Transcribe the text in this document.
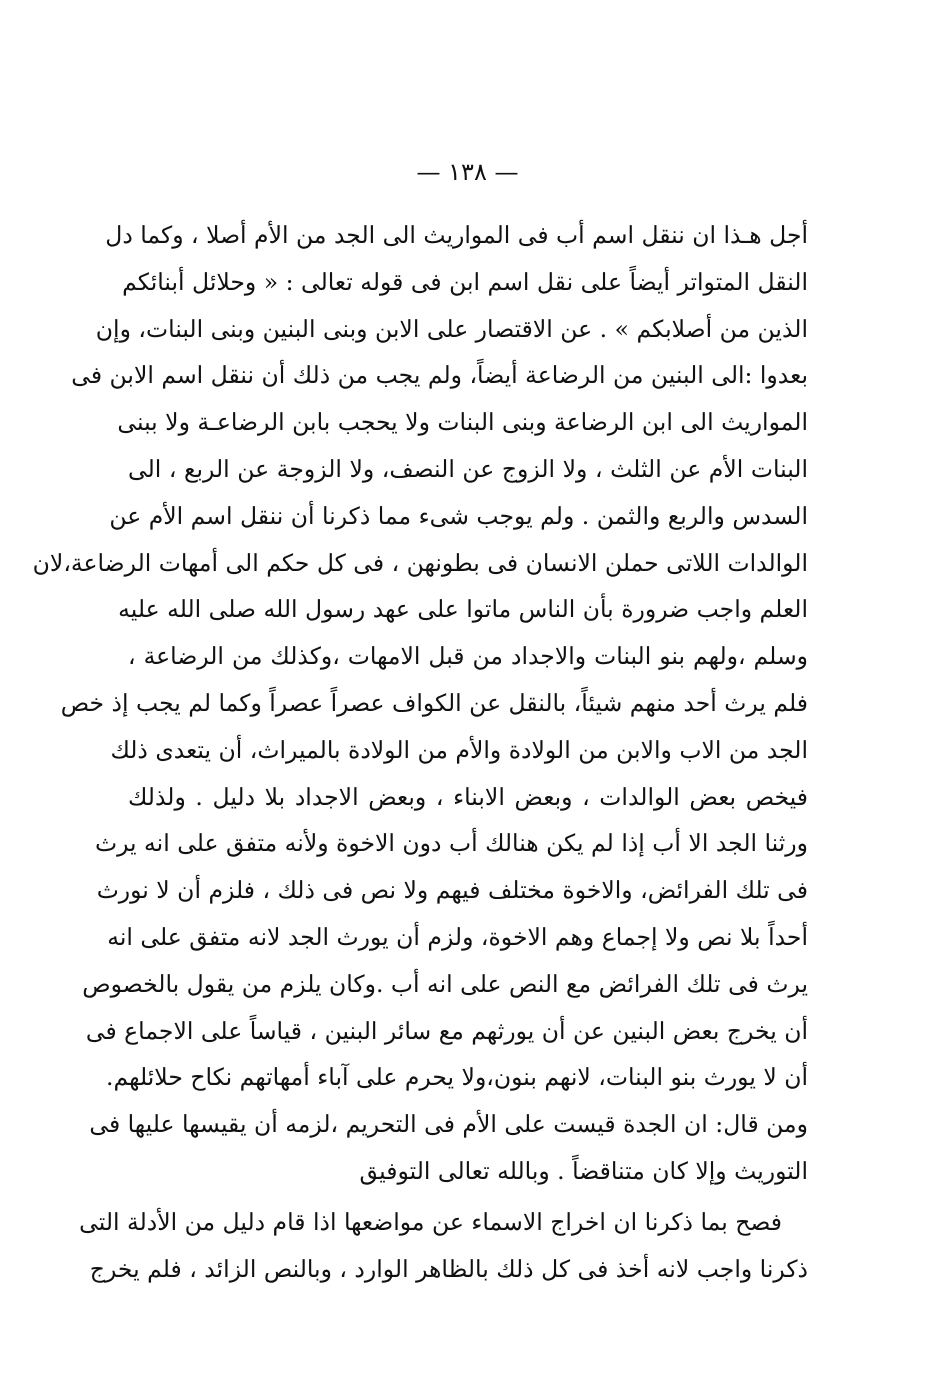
— ١٣٨ —
أجل هـذا ان ننقل اسم أب فى المواريث الى الجد من الأم أصلا ، وكما دل
النقل المتواتر أيضاً على نقل اسم ابن فى قوله تعالى : « وحلائل أبنائكم
الذين من أصلابكم » . عن الاقتصار على الابن وبنى البنين وبنى البنات، وإن
بعدوا :الى البنين من الرضاعة أيضاً، ولم يجب من ذلك أن ننقل اسم الابن فى
المواريث الى ابن الرضاعة وبنى البنات ولا يحجب بابن الرضاعـة ولا ببنى
البنات الأم عن الثلث ، ولا الزوج عن النصف، ولا الزوجة عن الربع ، الى
السدس والربع والثمن . ولم يوجب شىء مما ذكرنا أن ننقل اسم الأم عن
الوالدات اللاتى حملن الانسان فى بطونهن ، فى كل حكم الى أمهات الرضاعة،لان
العلم واجب ضرورة بأن الناس ماتوا على عهد رسول الله صلى الله عليه
وسلم ،ولهم بنو البنات والاجداد من قبل الامهات ،وكذلك من الرضاعة ،
فلم يرث أحد منهم شيئاً، بالنقل عن الكواف عصراً عصراً وكما لم يجب إذ خص
الجد من الاب والابن من الولادة والأم من الولادة بالميراث، أن يتعدى ذلك
فيخص بعض الوالدات ، وبعض الابناء ، وبعض الاجداد بلا دليل . ولذلك
ورثنا الجد الا أب إذا لم يكن هنالك أب دون الاخوة ولأنه متفق على انه يرث
فى تلك الفرائض، والاخوة مختلف فيهم ولا نص فى ذلك ، فلزم أن لا نورث
أحداً بلا نص ولا إجماع وهم الاخوة، ولزم أن يورث الجد لانه متفق على انه
يرث فى تلك الفرائض مع النص على انه أب .وكان يلزم من يقول بالخصوص
أن يخرج بعض البنين عن أن يورثهم مع سائر البنين ، قياساً على الاجماع فى
أن لا يورث بنو البنات، لانهم بنون،ولا يحرم على آباء أمهاتهم نكاح حلائلهم.
ومن قال: ان الجدة قيست على الأم فى التحريم ،لزمه أن يقيسها عليها فى
التوريث وإلا كان متناقضاً . وبالله تعالى التوفيق
فصح بما ذكرنا ان اخراج الاسماء عن مواضعها اذا قام دليل من الأدلة التى
ذكرنا واجب لانه أخذ فى كل ذلك بالظاهر الوارد ، وبالنص الزائد ، فلم يخرج
